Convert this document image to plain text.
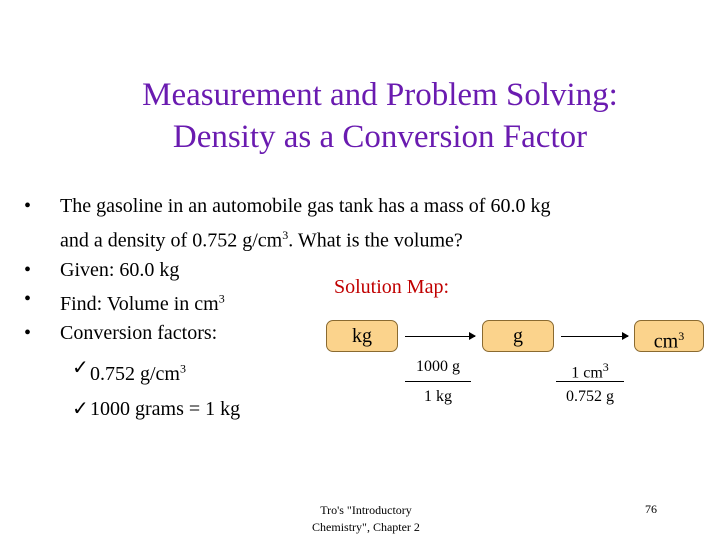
Measurement and Problem Solving:
Density as a Conversion Factor
• The gasoline in an automobile gas tank has a mass of 60.0 kg
and a density of 0.752 $g/cm^3$. What is the volume?
• Given: 60.0 kg
• Find: Volume in $cm^3$
• Conversion factors:
✓ 0.752 $g/cm^3$
✓ 1000 grams = 1 kg
Solution Map:
kg	g	$cm^3$
1000 g
1 kg
1 $cm^3$
0.752 g
Tro's "Introductory
Chemistry", Chapter 2
76
